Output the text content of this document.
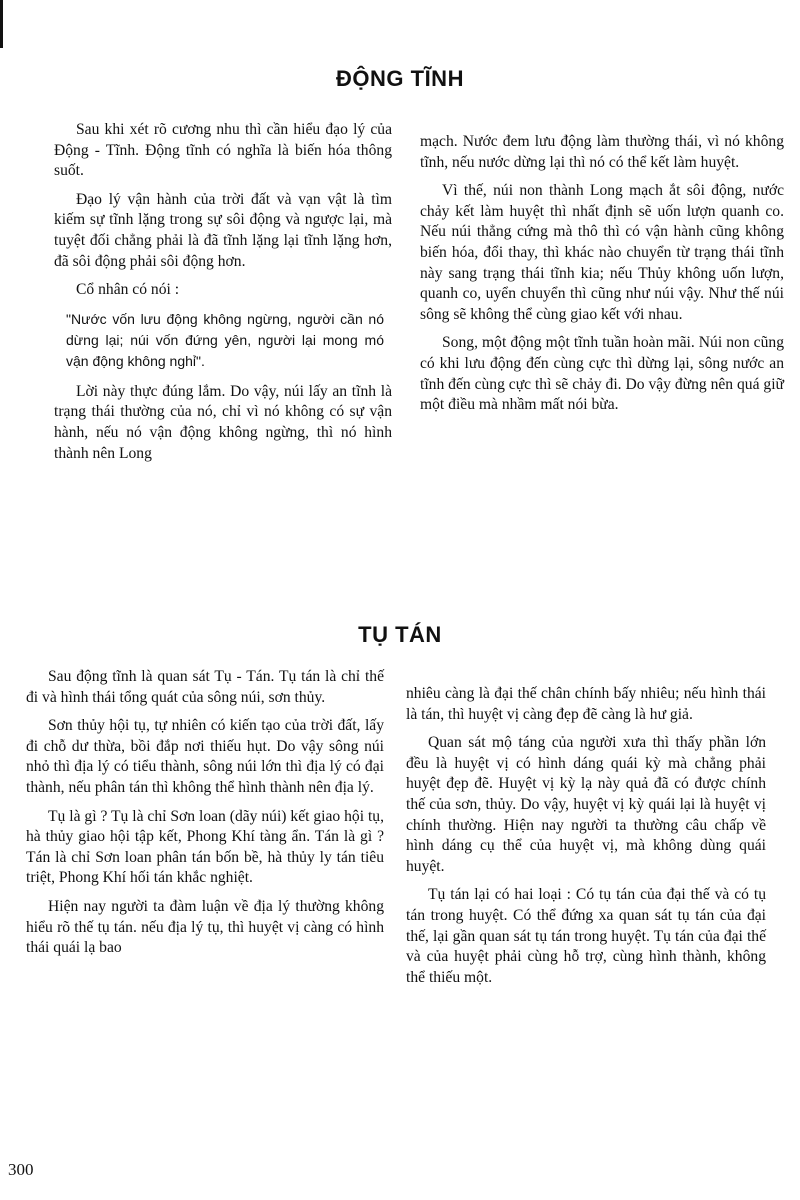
ĐỘNG TĨNH

Sau khi xét rõ cương nhu thì cần hiểu đạo lý của Động - Tĩnh. Động tĩnh có nghĩa là biến hóa thông suốt.

Đạo lý vận hành của trời đất và vạn vật là tìm kiếm sự tĩnh lặng trong sự sôi động và ngược lại, mà tuyệt đối chẳng phải là đã tĩnh lặng lại tĩnh lặng hơn, đã sôi động phải sôi động hơn.

Cổ nhân có nói :

"Nước vốn lưu động không ngừng, người cần nó dừng lại; núi vốn đứng yên, người lại mong mó vận động không nghỉ".

Lời này thực đúng lắm. Do vậy, núi lấy an tĩnh là trạng thái thường của nó, chỉ vì nó không có sự vận hành, nếu nó vận động không ngừng, thì nó hình thành nên Long

mạch. Nước đem lưu động làm thường thái, vì nó không tĩnh, nếu nước dừng lại thì nó có thể kết làm huyệt.

Vì thế, núi non thành Long mạch ắt sôi động, nước chảy kết làm huyệt thì nhất định sẽ uốn lượn quanh co. Nếu núi thẳng cứng mà thô thì có vận hành cũng không biến hóa, đổi thay, thì khác nào chuyển từ trạng thái tĩnh này sang trạng thái tĩnh kia; nếu Thủy không uốn lượn, quanh co, uyển chuyển thì cũng như núi vậy. Như thế núi sông sẽ không thể cùng giao kết với nhau.

Song, một động một tĩnh tuần hoàn mãi. Núi non cũng có khi lưu động đến cùng cực thì dừng lại, sông nước an tĩnh đến cùng cực thì sẽ chảy đi. Do vậy đừng nên quá giữ một điều mà nhầm mất nói bừa.

TỤ TÁN

Sau động tĩnh là quan sát Tụ - Tán. Tụ tán là chỉ thế đi và hình thái tổng quát của sông núi, sơn thủy.

Sơn thủy hội tụ, tự nhiên có kiến tạo của trời đất, lấy đi chỗ dư thừa, bồi đắp nơi thiếu hụt. Do vậy sông núi nhỏ thì địa lý có tiểu thành, sông núi lớn thì địa lý có đại thành, nếu phân tán thì không thể hình thành nên địa lý.

Tụ là gì ? Tụ là chỉ Sơn loan (dãy núi) kết giao hội tụ, hà thủy giao hội tập kết, Phong Khí tàng ẩn. Tán là gì ? Tán là chỉ Sơn loan phân tán bốn bề, hà thủy ly tán tiêu triệt, Phong Khí hối tán khắc nghiệt.

Hiện nay người ta đàm luận về địa lý thường không hiểu rõ thế tụ tán. nếu địa lý tụ, thì huyệt vị càng có hình thái quái lạ bao

nhiêu càng là đại thế chân chính bấy nhiêu; nếu hình thái là tán, thì huyệt vị càng đẹp đẽ càng là hư giả.

Quan sát mộ táng của người xưa thì thấy phần lớn đều là huyệt vị có hình dáng quái kỳ mà chẳng phải huyệt đẹp đẽ. Huyệt vị kỳ lạ này quả đã có được chính thế của sơn, thủy. Do vậy, huyệt vị kỳ quái lại là huyệt vị chính thường. Hiện nay người ta thường câu chấp về hình dáng cụ thể của huyệt vị, mà không dùng quái huyệt.

Tụ tán lại có hai loại : Có tụ tán của đại thế và có tụ tán trong huyệt. Có thể đứng xa quan sát tụ tán của đại thế, lại gần quan sát tụ tán trong huyệt. Tụ tán của đại thế và của huyệt phải cùng hỗ trợ, cùng hình thành, không thể thiếu một.

300
